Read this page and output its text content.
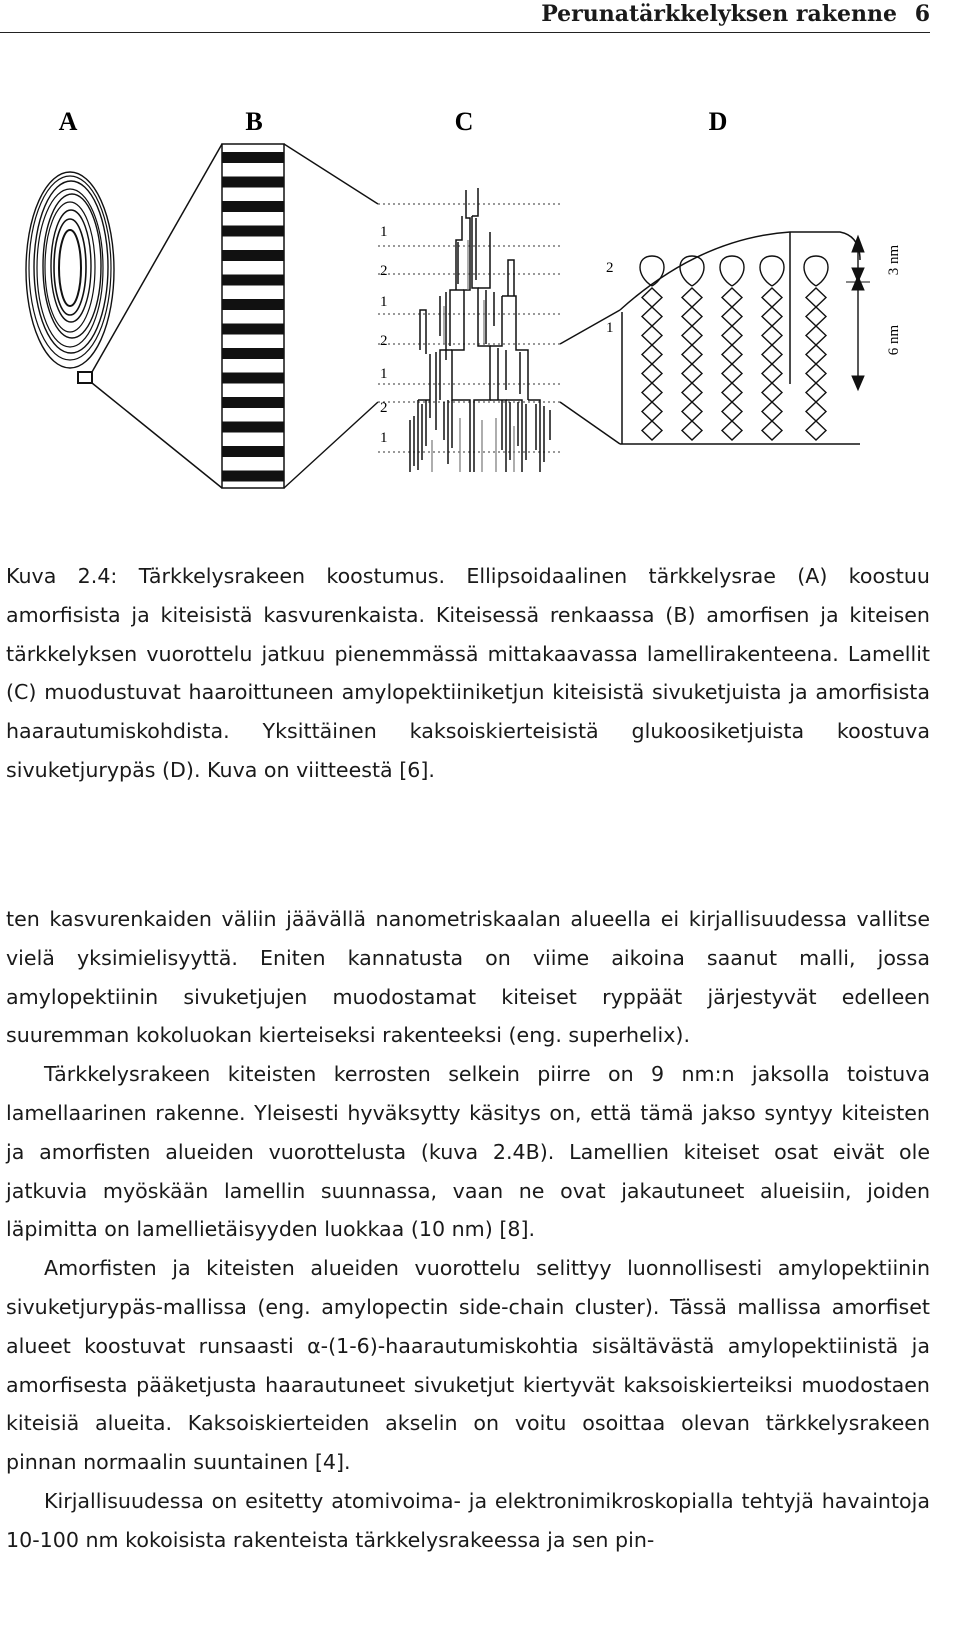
Perunatärkkelyksen rakenne 6
A	B	C	D
1
2
1
2
1
2
1
2
1
3 nm
6 nm
Kuva 2.4: Tärkkelysrakeen koostumus. Ellipsoidaalinen tärkkelysrae (A) koostuu amorfisista ja kiteisistä kasvurenkaista. Kiteisessä renkaassa (B) amorfisen ja kiteisen tärkkelyksen vuorottelu jatkuu pienemmässä mittakaavassa lamellirakenteena. Lamellit (C) muodustuvat haaroittuneen amylopektiiniketjun kiteisistä sivuketjuista ja amorfisista haarautumiskohdista. Yksittäinen kaksoiskierteisistä glukoosiketjuista koostuva sivuketjurypäs (D). Kuva on viitteestä [6].

ten kasvurenkaiden väliin jäävällä nanometriskaalan alueella ei kirjallisuudessa vallitse vielä yksimielisyyttä. Eniten kannatusta on viime aikoina saanut malli, jossa amylopektiinin sivuketjujen muodostamat kiteiset ryppäät järjestyvät edelleen suuremman kokoluokan kierteiseksi rakenteeksi (eng. superhelix).

Tärkkelysrakeen kiteisten kerrosten selkein piirre on 9 nm:n jaksolla toistuva lamellaarinen rakenne. Yleisesti hyväksytty käsitys on, että tämä jakso syntyy kiteisten ja amorfisten alueiden vuorottelusta (kuva 2.4B). Lamellien kiteiset osat eivät ole jatkuvia myöskään lamellin suunnassa, vaan ne ovat jakautuneet alueisiin, joiden läpimitta on lamellietäisyyden luokkaa (10 nm) [8].

Amorfisten ja kiteisten alueiden vuorottelu selittyy luonnollisesti amylopektiinin sivuketjurypäs-mallissa (eng. amylopectin side-chain cluster). Tässä mallissa amorfiset alueet koostuvat runsaasti α-(1-6)-haarautumiskohtia sisältävästä amylopektiinistä ja amorfisesta pääketjusta haarautuneet sivuketjut kiertyvät kaksoiskierteiksi muodostaen kiteisiä alueita. Kaksoiskierteiden akselin on voitu osoittaa olevan tärkkelysrakeen pinnan normaalin suuntainen [4].

Kirjallisuudessa on esitetty atomivoima- ja elektronimikroskopialla tehtyjä havaintoja 10-100 nm kokoisista rakenteista tärkkelysrakeessa ja sen pin-
